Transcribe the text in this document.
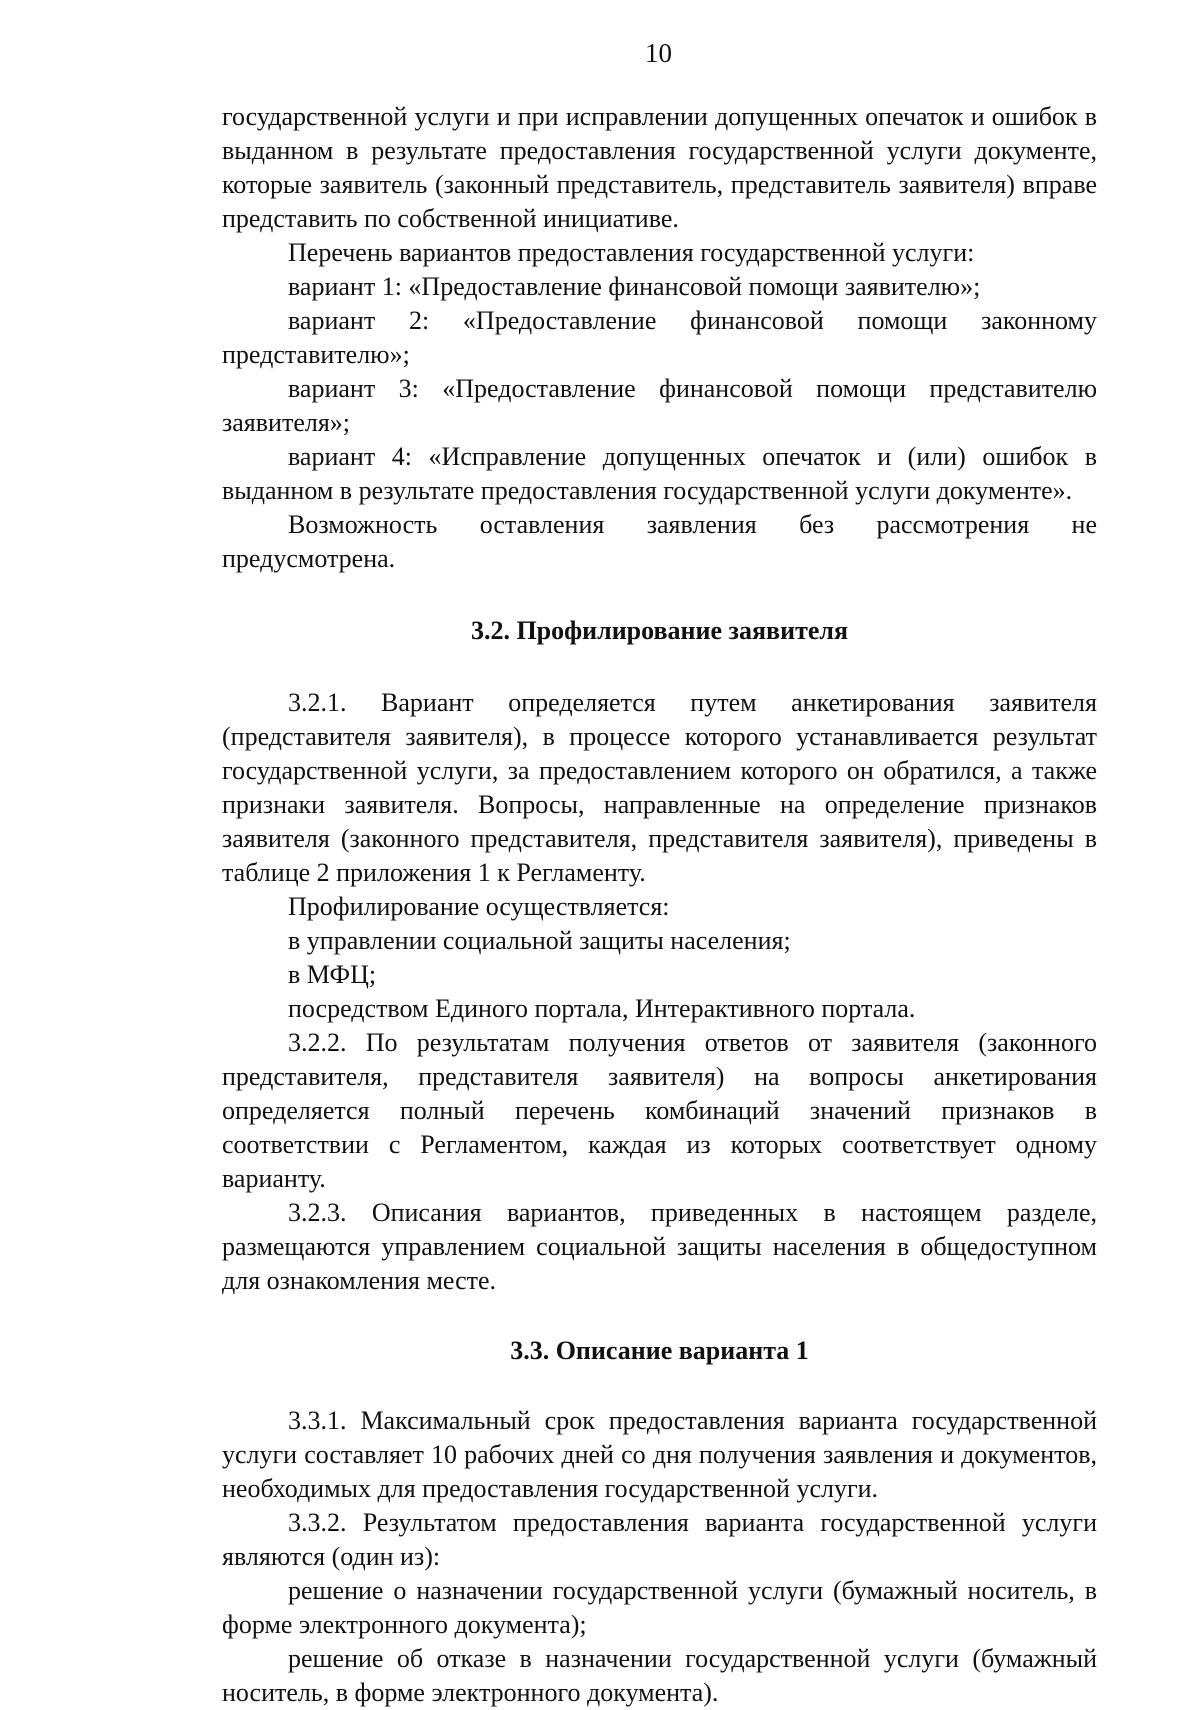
10

государственной услуги и при исправлении допущенных опечаток и ошибок в выданном в результате предоставления государственной услуги документе, которые заявитель (законный представитель, представитель заявителя) вправе представить по собственной инициативе.

Перечень вариантов предоставления государственной услуги:

вариант 1: «Предоставление финансовой помощи заявителю»;

вариант 2: «Предоставление финансовой помощи законному представителю»;

вариант 3: «Предоставление финансовой помощи представителю заявителя»;

вариант 4: «Исправление допущенных опечаток и (или) ошибок в выданном в результате предоставления государственной услуги документе».

Возможность оставления заявления без рассмотрения не предусмотрена.

3.2. Профилирование заявителя

3.2.1. Вариант определяется путем анкетирования заявителя (представителя заявителя), в процессе которого устанавливается результат государственной услуги, за предоставлением которого он обратился, а также признаки заявителя. Вопросы, направленные на определение признаков заявителя (законного представителя, представителя заявителя), приведены в таблице 2 приложения 1 к Регламенту.

Профилирование осуществляется:

в управлении социальной защиты населения;

в МФЦ;

посредством Единого портала, Интерактивного портала.

3.2.2. По результатам получения ответов от заявителя (законного представителя, представителя заявителя) на вопросы анкетирования определяется полный перечень комбинаций значений признаков в соответствии с Регламентом, каждая из которых соответствует одному варианту.

3.2.3. Описания вариантов, приведенных в настоящем разделе, размещаются управлением социальной защиты населения в общедоступном для ознакомления месте.

3.3. Описание варианта 1

3.3.1. Максимальный срок предоставления варианта государственной услуги составляет 10 рабочих дней со дня получения заявления и документов, необходимых для предоставления государственной услуги.

3.3.2. Результатом предоставления варианта государственной услуги являются (один из):

решение о назначении государственной услуги (бумажный носитель, в форме электронного документа);

решение об отказе в назначении государственной услуги (бумажный носитель, в форме электронного документа).
